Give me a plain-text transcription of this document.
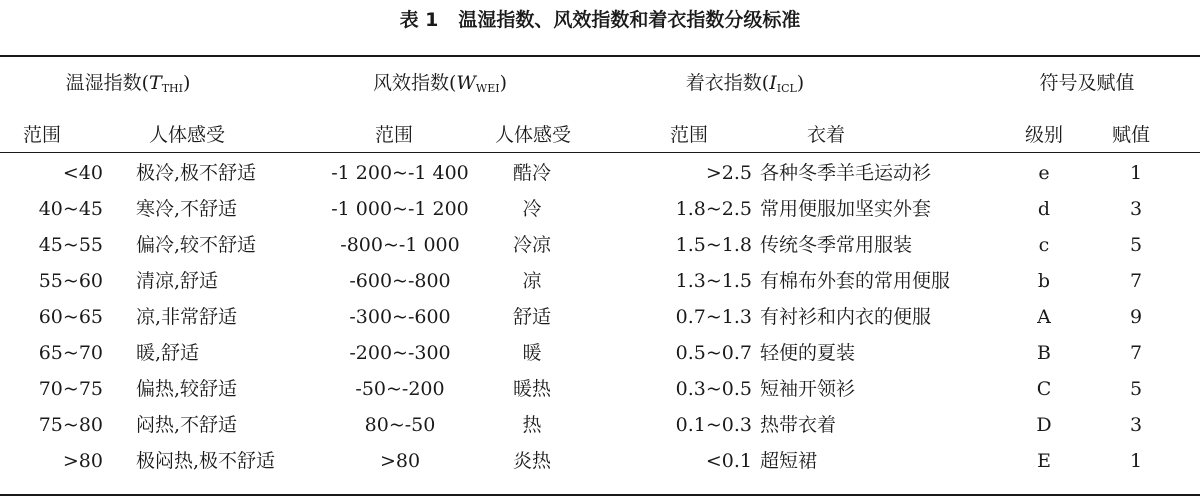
表 1 温湿指数、风效指数和着衣指数分级标准
温湿指数(TTHI)	风效指数(WWEI)	着衣指数(IICL)	符号及赋值
范围	人体感受	范围	人体感受	范围	衣着	级别	赋值
<40 极冷,极不舒适	-1 200~-1 400 酷冷	>2.5 各种冬季羊毛运动衫	e	1
40~45 寒冷,不舒适	-1 000~-1 200	冷	1.8~2.5 常用便服加坚实外套	d	3
45~55 偏冷,较不舒适	-800~-1 000	冷凉	1.5~1.8 传统冬季常用服装	c	5
55~60 清凉,舒适	-600~-800	凉	1.3~1.5 有棉布外套的常用便服	b	7
60~65 凉,非常舒适	-300~-600	舒适	0.7~1.3 有衬衫和内衣的便服	A	9
65~70 暖,舒适	-200~-300	暖	0.5~0.7 轻便的夏装	B	7
70~75 偏热,较舒适	-50~-200	暖热	0.3~0.5 短袖开领衫	C	5
75~80 闷热,不舒适	80~-50	热	0.1~0.3 热带衣着	D	3
>80 极闷热,极不舒适	>80	炎热	<0.1 超短裙	E	1
